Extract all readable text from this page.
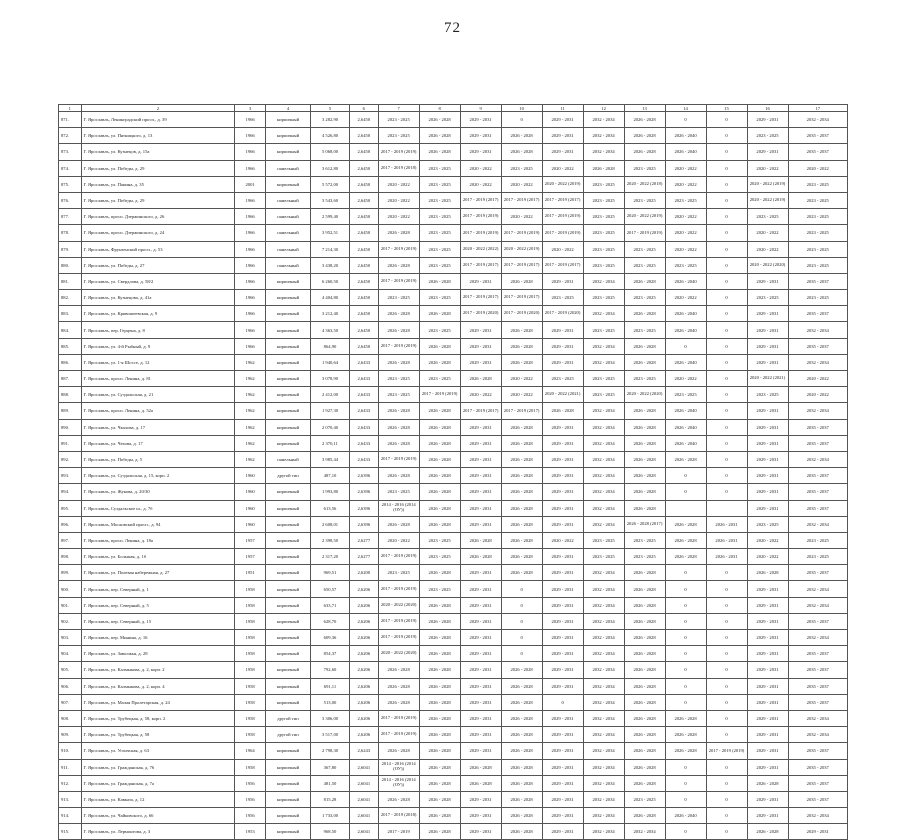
72
1	2	3	4	5	6	7	8	9	10	11	12	13	14	15	16	17
871.	Г. Ярославль, Ленинградский просп., д. 39	1966	кирпичный	3 282,90	2,6450	2023 - 2025	2026 - 2028	2029 - 2031	0	2029 - 2031	2032 - 2034	2026 - 2028	0	0	2029 - 2031	2032 - 2034
872.	Г. Ярославль, ул. Пятницкого, д. 13	1966	кирпичный	4 526,80	2,6450	2023 - 2025	2026 - 2028	2029 - 2031	2026 - 2028	2029 - 2031	2032 - 2034	2026 - 2028	2026 - 2040	0	2023 - 2025	2035 - 2037
873.	Г. Ярославль, ул. Кузнецов, д. 15а	1966	кирпичный	5 068,00	2,6450	2017 - 2019 (2019)	2026 - 2028	2029 - 2031	2026 - 2028	2029 - 2031	2032 - 2034	2026 - 2028	2026 - 2040	0	2029 - 2031	2035 - 2037
874.	Г. Ярославль, ул. Победы, д. 29	1966	панельный	3 612,80	2,6450	2017 - 2019 (2018)	2023 - 2025	2020 - 2022	2023 - 2025	2020 - 2022	2026 - 2028	2023 - 2025	2020 - 2022	0	2020 - 2022	2020 - 2022
875.	Г. Ярославль, ул. Панина, д. 35	2001	кирпичный	5 572,00	2,6450	2020 - 2022	2023 - 2025	2020 - 2022	2020 - 2022	2020 - 2022 (2019)	2023 - 2025	2020 - 2022 (2018)	2020 - 2022	0	2020 - 2022 (2019)	2023 - 2025
876.	Г. Ярославль, ул. Победы, д. 29	1966	панельный	3 543,60	2,6450	2020 - 2022	2023 - 2025	2017 - 2019 (2017)	2017 - 2019 (2017)	2017 - 2019 (2017)	2023 - 2025	2023 - 2025	2023 - 2025	0	2020 - 2022 (2019)	2023 - 2025
877.	Г. Ярославль, просп. Дзержинского, д. 26	1966	панельный	2 599,40	2,6450	2020 - 2022	2023 - 2025	2017 - 2019 (2019)	2020 - 2022	2017 - 2019 (2019)	2023 - 2025	2020 - 2022 (2019)	2020 - 2022	0	2023 - 2025	2023 - 2025
878.	Г. Ярославль, просп. Дзержинского, д. 24	1966	панельный	3 952,51	2,6450	2026 - 2028	2023 - 2025	2017 - 2019 (2019)	2017 - 2019 (2019)	2017 - 2019 (2019)	2023 - 2025	2017 - 2019 (2019)	2020 - 2022	0	2020 - 2022	2023 - 2025
879.	Г. Ярославль, Фрунзенский просп., д. 53	1966	панельный	7 214,30	2,6450	2017 - 2019 (2019)	2023 - 2025	2020 - 2022 (2022)	2020 - 2022 (2019)	2020 - 2022	2023 - 2025	2023 - 2025	2020 - 2022	0	2020 - 2022	2023 - 2025
880.	Г. Ярославль, ул. Победы, д. 27	1966	панельный	3 438,20	2,6450	2026 - 2028	2023 - 2025	2017 - 2019 (2017)	2017 - 2019 (2017)	2017 - 2019 (2017)	2023 - 2025	2023 - 2025	2023 - 2025	0	2020 - 2022 (2020)	2023 - 2025
881.	Г. Ярославль, ул. Свердлова, д. 58/2	1966	кирпичный	6 260,50	2,6450	2017 - 2019 (2019)	2026 - 2028	2029 - 2031	2026 - 2028	2029 - 2031	2032 - 2034	2026 - 2028	2026 - 2040	0	2029 - 2031	2035 - 2037
882.	Г. Ярославль, ул. Кузнецова, д. 41а	1966	кирпичный	4 404,80	2,6450	2023 - 2025	2023 - 2025	2017 - 2019 (2017)	2017 - 2019 (2017)	2023 - 2025	2023 - 2025	2023 - 2025	2020 - 2022	0	2023 - 2025	2023 - 2025
883.	Г. Ярославль, ул. Кривошеевская, д. 9	1966	кирпичный	3 212,40	2,6450	2026 - 2028	2026 - 2028	2017 - 2019 (2020)	2017 - 2019 (2020)	2017 - 2019 (2020)	2032 - 2034	2026 - 2028	2026 - 2040	0	2029 - 2031	2035 - 2037
884.	Г. Ярославль, пер. Герцена, д. 8	1966	кирпичный	4 363,50	2,6450	2026 - 2028	2023 - 2025	2029 - 2031	2026 - 2028	2029 - 2031	2023 - 2025	2023 - 2025	2026 - 2040	0	2029 - 2031	2032 - 2034
885.	Г. Ярославль, ул. 4-й Рыбный, д. 9	1966	кирпичный	864,90	2,6450	2017 - 2019 (2019)	2026 - 2028	2029 - 2031	2026 - 2028	2029 - 2031	2032 - 2034	2026 - 2028	0	0	2029 - 2031	2035 - 2037
886.	Г. Ярославль, ул. 1-я Шоссе, д. 12	1962	кирпичный	1 940,64	2,6433	2026 - 2028	2026 - 2028	2029 - 2031	2026 - 2028	2029 - 2031	2032 - 2034	2026 - 2028	2026 - 2040	0	2029 - 2031	2032 - 2034
887.	Г. Ярославль, просп. Ленина, д. 81	1962	кирпичный	3 078,90	2,6433	2023 - 2025	2023 - 2025	2026 - 2028	2020 - 2022	2023 - 2025	2023 - 2025	2023 - 2025	2020 - 2022	0	2020 - 2022 (2021)	2020 - 2022
888.	Г. Ярославль, ул. Суздальская, д. 21	1962	кирпичный	2 412,00	2,6433	2023 - 2025	2017 - 2019 (2019)	2020 - 2022	2020 - 2022	2020 - 2022 (2021)	2023 - 2025	2020 - 2022 (2020)	2023 - 2025	0	2023 - 2025	2020 - 2022
889.	Г. Ярославль, просп. Ленина, д. 52а	1962	кирпичный	1 927,30	2,6433	2026 - 2028	2026 - 2028	2017 - 2019 (2017)	2017 - 2019 (2017)	2026 - 2028	2032 - 2034	2026 - 2028	2026 - 2040	0	2029 - 2031	2032 - 2034
890.	Г. Ярославль, ул. Чкалова, д. 17	1962	кирпичный	2 070,40	2,6433	2026 - 2028	2026 - 2028	2029 - 2031	2026 - 2028	2029 - 2031	2032 - 2034	2026 - 2028	2026 - 2040	0	2029 - 2031	2035 - 2037
891.	Г. Ярославль, ул. Чехова, д. 17	1962	кирпичный	2 370,11	2,6433	2026 - 2028	2026 - 2028	2029 - 2031	2026 - 2028	2029 - 2031	2032 - 2034	2026 - 2028	2026 - 2040	0	2029 - 2031	2035 - 2037
892.	Г. Ярославль, ул. Победы, д. 5	1962	панельный	3 985,44	2,6433	2017 - 2019 (2019)	2026 - 2028	2029 - 2031	2026 - 2028	2029 - 2031	2032 - 2034	2026 - 2028	2026 - 2028	0	2029 - 2031	2032 - 2034
893.	Г. Ярославль, ул. Суздальская, д. 15, корп. 2	1960	другой тип	487,10	2,6396	2026 - 2028	2026 - 2028	2029 - 2031	2026 - 2028	2029 - 2031	2032 - 2034	2026 - 2028	0	0	2029 - 2031	2035 - 2037
894.	Г. Ярославль, ул. Жукова, д. 20/30	1960	кирпичный	1 993,80	2,6396	2023 - 2025	2026 - 2028	2029 - 2031	2026 - 2028	2029 - 2031	2032 - 2034	2026 - 2028	0	0	2029 - 2031	2035 - 2037
895.	Г. Ярославль, Суздальское ш., д. 7б	1960	кирпичный	613,56	2,6396	2014 - 2016 (2014 (ОУ))	2026 - 2028	2029 - 2031	2026 - 2028	2029 - 2031	2032 - 2034	2026 - 2028			2029 - 2031	2035 - 2037
896.	Г. Ярославль, Московский просп., д. 94	1960	кирпичный	2 608,01	2,6396	2026 - 2028	2026 - 2028	2029 - 2031	2026 - 2028	2029 - 2031	2032 - 2034	2026 - 2028 (2017)	2026 - 2028	2026 - 2031	2023 - 2025	2032 - 2034
897.	Г. Ярославль, просп. Ленина, д. 18а	1957	кирпичный	2 398,50	2,6277	2020 - 2022	2023 - 2025	2026 - 2028	2026 - 2028	2020 - 2022	2023 - 2025	2023 - 2025	2026 - 2028	2026 - 2031	2020 - 2022	2023 - 2025
898.	Г. Ярославль, ул. Большая, д. 1б	1957	кирпичный	2 317,20	2,6277	2017 - 2019 (2019)	2023 - 2025	2026 - 2028	2026 - 2028	2029 - 2031	2023 - 2025	2023 - 2025	2026 - 2028	2026 - 2031	2020 - 2022	2023 - 2025
899.	Г. Ярославль, ул. Полевая набережная, д. 27	1951	кирпичный	969,51	2,6200	2023 - 2025	2026 - 2028	2029 - 2031	2026 - 2028	2029 - 2031	2032 - 2034	2026 - 2028	0	0	2026 - 2028	2035 - 2037
900.	Г. Ярославль, пер. Северный, д. 1	1958	кирпичный	650,57	2,6206	2017 - 2019 (2019)	2023 - 2025	2029 - 2031	0	2029 - 2031	2032 - 2034	2026 - 2028	0	0	2029 - 2031	2032 - 2034
901.	Г. Ярославль, пер. Северный, д. 5	1958	кирпичный	633,71	2,6206	2020 - 2022 (2020)	2026 - 2028	2029 - 2031	0	2029 - 2031	2032 - 2034	2026 - 2028	0	0	2029 - 2031	2032 - 2034
902.	Г. Ярославль, пер. Северный, д. 15	1958	кирпичный	628,70	2,6206	2017 - 2019 (2019)	2026 - 2028	2029 - 2031	0	2029 - 2031	2032 - 2034	2026 - 2028	0	0	2029 - 2031	2035 - 2037
903.	Г. Ярославль, пер. Минина, д. 16	1958	кирпичный	609,36	2,6206	2017 - 2019 (2019)	2026 - 2028	2029 - 2031	0	2029 - 2031	2032 - 2034	2026 - 2028	0	0	2029 - 2031	2032 - 2034
904.	Г. Ярославль, ул. Заволжья, д. 28	1958	кирпичный	854,37	2,6206	2020 - 2022 (2020)	2026 - 2028	2029 - 2031	0	2029 - 2031	2032 - 2034	2026 - 2028	0	0	2029 - 2031	2035 - 2037
905.	Г. Ярославль, ул. Калмыкова, д. 2, корп. 2	1958	кирпичный	792,60	2,6206	2026 - 2028	2026 - 2028	2029 - 2031	2026 - 2028	2029 - 2031	2032 - 2034	2026 - 2028	0	0	2029 - 2031	2035 - 2037
906.	Г. Ярославль, ул. Калмыкова, д. 2, корп. 4	1958	кирпичный	691,11	2,6206	2026 - 2028	2026 - 2028	2029 - 2031	2026 - 2028	2029 - 2031	2032 - 2034	2026 - 2028	0	0	2029 - 2031	2035 - 2037
907.	Г. Ярославль, ул. Малая Пролетарская, д. 24	1958	кирпичный	513,00	2,6206	2026 - 2028	2026 - 2028	2029 - 2031	2026 - 2028	0	2032 - 2034	2026 - 2028	0	0	2029 - 2031	2035 - 2037
908.	Г. Ярославль, ул. Трубецкая, д. 58, корп. 2	1958	другой тип	3 306,00	2,6206	2017 - 2019 (2019)	2026 - 2028	2029 - 2031	2026 - 2028	2029 - 2031	2032 - 2034	2026 - 2028	2026 - 2028	0	2029 - 2031	2032 - 2034
909.	Г. Ярославль, ул. Трубецкая, д. 58	1958	другой тип	3 517,00	2,6206	2017 - 2019 (2019)	2026 - 2028	2029 - 2031	2026 - 2028	2029 - 2031	2032 - 2034	2026 - 2028	2026 - 2028	0	2029 - 2031	2032 - 2034
910.	Г. Ярославль, ул. Угличская, д. 63	1964	кирпичный	2 798,30	2,6243	2026 - 2028	2026 - 2028	2029 - 2031	2026 - 2028	2029 - 2031	2032 - 2034	2026 - 2028	2026 - 2028	2017 - 2019 (2019)	2029 - 2031	2035 - 2037
911.	Г. Ярославль, ул. Гражданская, д. 76	1958	кирпичный	367,80	2,6041	2014 - 2016 (2014 (ОУ))	2026 - 2028	2026 - 2028	2026 - 2028	2029 - 2031	2032 - 2034	2026 - 2028	0	0	2029 - 2031	2035 - 2037
912.	Г. Ярославль, ул. Гражданская, д. 7а	1956	кирпичный	481,50	2,6041	2014 - 2016 (2014 (ОУ))	2026 - 2028	2026 - 2028	2026 - 2028	2029 - 2031	2032 - 2034	2026 - 2028	0	0	2026 - 2028	2035 - 2037
913.	Г. Ярославль, ул. Кавказа, д. 12	1956	кирпичный	815,28	2,6041	2026 - 2028	2026 - 2028	2029 - 2031	2026 - 2028	2029 - 2031	2032 - 2034	2023 - 2025	0	0	2029 - 2031	2035 - 2037
914.	Г. Ярославль, ул. Чайковского, д. 66	1956	кирпичный	1 733,00	2,6041	2017 - 2019 (2018)	2026 - 2028	2029 - 2031	2026 - 2028	2029 - 2031	2032 - 2034	2026 - 2028	2026 - 2040	0	2029 - 2031	2032 - 2034
915.	Г. Ярославль, ул. Лермонтова, д. 3	1953	кирпичный	968,50	2,6041	2017 - 2019	2026 - 2028	2029 - 2031	2026 - 2028	2029 - 2031	2032 - 2034	2032 - 2034	0	0	2026 - 2028	2029 - 2031
